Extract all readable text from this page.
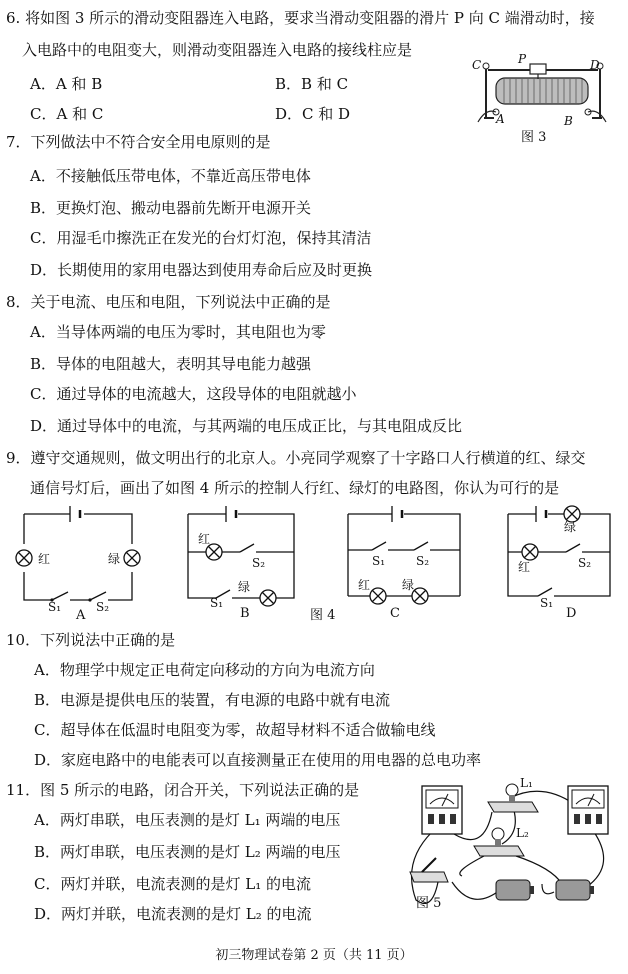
6. 将如图 3 所示的滑动变阻器连入电路，要求当滑动变阻器的滑片 P 向 C 端滑动时，接
入电路中的电阻变大，则滑动变阻器连入电路的接线柱应是
A．A 和 B	B．B 和 C
C．A 和 C	D．C 和 D
C	P	D
A	B
图 3
7．下列做法中不符合安全用电原则的是
A．不接触低压带电体，不靠近高压带电体
B．更换灯泡、搬动电器前先断开电源开关
C．用湿毛巾擦洗正在发光的台灯灯泡，保持其清洁
D．长期使用的家用电器达到使用寿命后应及时更换
8．关于电流、电压和电阻，下列说法中正确的是
A．当导体两端的电压为零时，其电阻也为零
B．导体的电阻越大，表明其导电能力越强
C．通过导体的电流越大，这段导体的电阻就越小
D．通过导体中的电流，与其两端的电压成正比，与其电阻成反比
9．遵守交通规则，做文明出行的北京人。小亮同学观察了十字路口人行横道的红、绿交
通信号灯后，画出了如图 4 所示的控制人行红、绿灯的电路图，你认为可行的是
红	绿
S₁	S₂
A
红
S₂
绿
S₁
B	图 4
S₁	S₂
红	绿
C
绿
红	S₂
S₁
D
10．下列说法中正确的是
A．物理学中规定正电荷定向移动的方向为电流方向
B．电源是提供电压的装置，有电源的电路中就有电流
C．超导体在低温时电阻变为零，故超导材料不适合做输电线
D．家庭电路中的电能表可以直接测量正在使用的用电器的总电功率
11．图 5 所示的电路，闭合开关，下列说法正确的是
A．两灯串联，电压表测的是灯 L₁ 两端的电压
B．两灯串联，电压表测的是灯 L₂ 两端的电压
C．两灯并联，电流表测的是灯 L₁ 的电流
D．两灯并联，电流表测的是灯 L₂ 的电流
L₁
L₂
图 5
初三物理试卷第 2 页（共 11 页）
